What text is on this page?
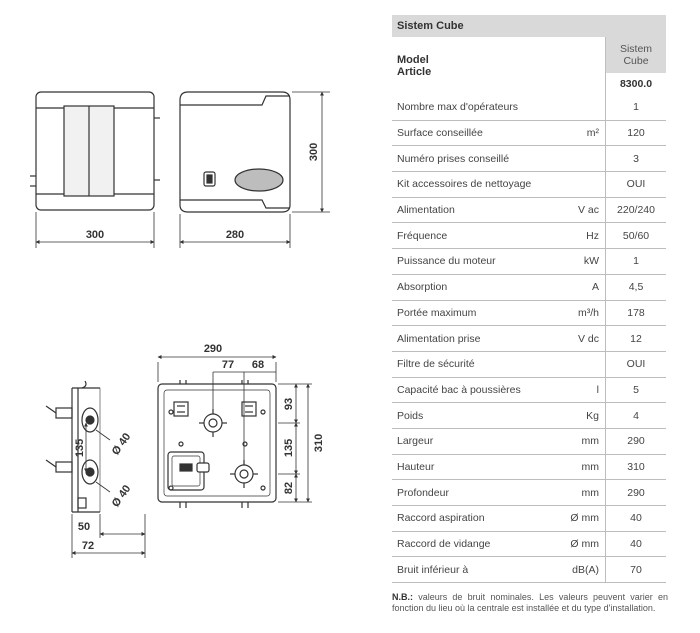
300	280
300
290
77 68
93
135
82
310
135 Ø 40
Ø 40
50
72
Sistem Cube		

Model
Article		Sistem Cube
		8300.0
Nombre max d'opérateurs		1
Surface conseillée	m²	120
Numéro prises conseillé		3
Kit accessoires de nettoyage		OUI
Alimentation	V ac	220/240
Fréquence	Hz	50/60
Puissance du moteur	kW	1
Absorption	A	4,5
Portée maximum	m³/h	178
Alimentation prise	V dc	12
Filtre de sécurité		OUI
Capacité bac à poussières	l	5
Poids	Kg	4
Largeur	mm	290
Hauteur	mm	310
Profondeur	mm	290
Raccord aspiration	Ø mm	40
Raccord de vidange	Ø mm	40
Bruit inférieur à	dB(A)	70
N.B.: valeurs de bruit nominales. Les valeurs peuvent varier en fonction du lieu où la centrale est installée et du type d'installation.
